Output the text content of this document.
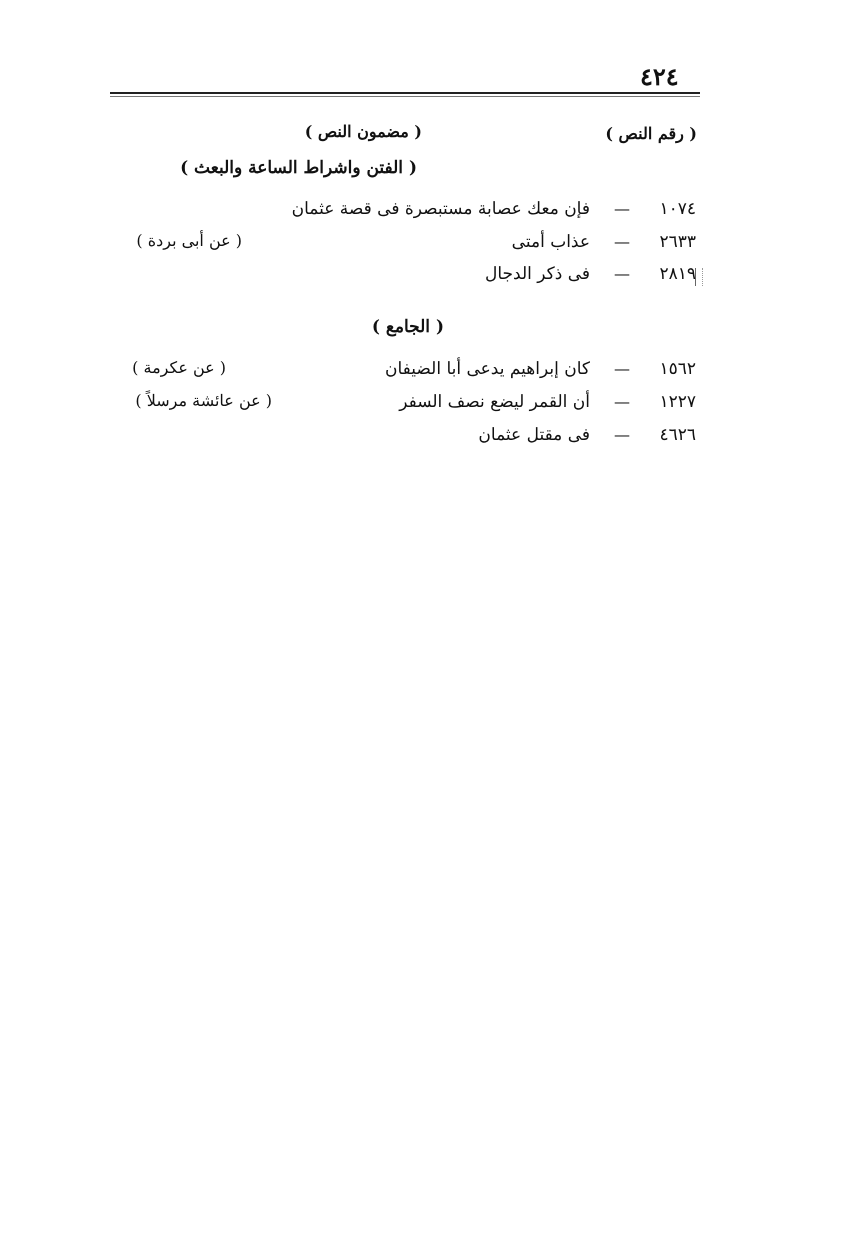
٤٢٤
( رقم النص )
( مضمون النص )
( الفتن واشراط الساعة والبعث )
١٠٧٤
—
فإن معك عصابة مستبصرة فى قصة عثمان
٢٦٣٣
—
عذاب أمتى
( عن أبى بردة )
٢٨١٩
—
فى ذكر الدجال
( الجامع )
١٥٦٢
—
كان إبراهيم يدعى أبا الضيفان
( عن عكرمة )
١٢٢٧
—
أن القمر ليضع نصف السفر
( عن عائشة مرسلاً )
٤٦٢٦
—
فى مقتل عثمان
